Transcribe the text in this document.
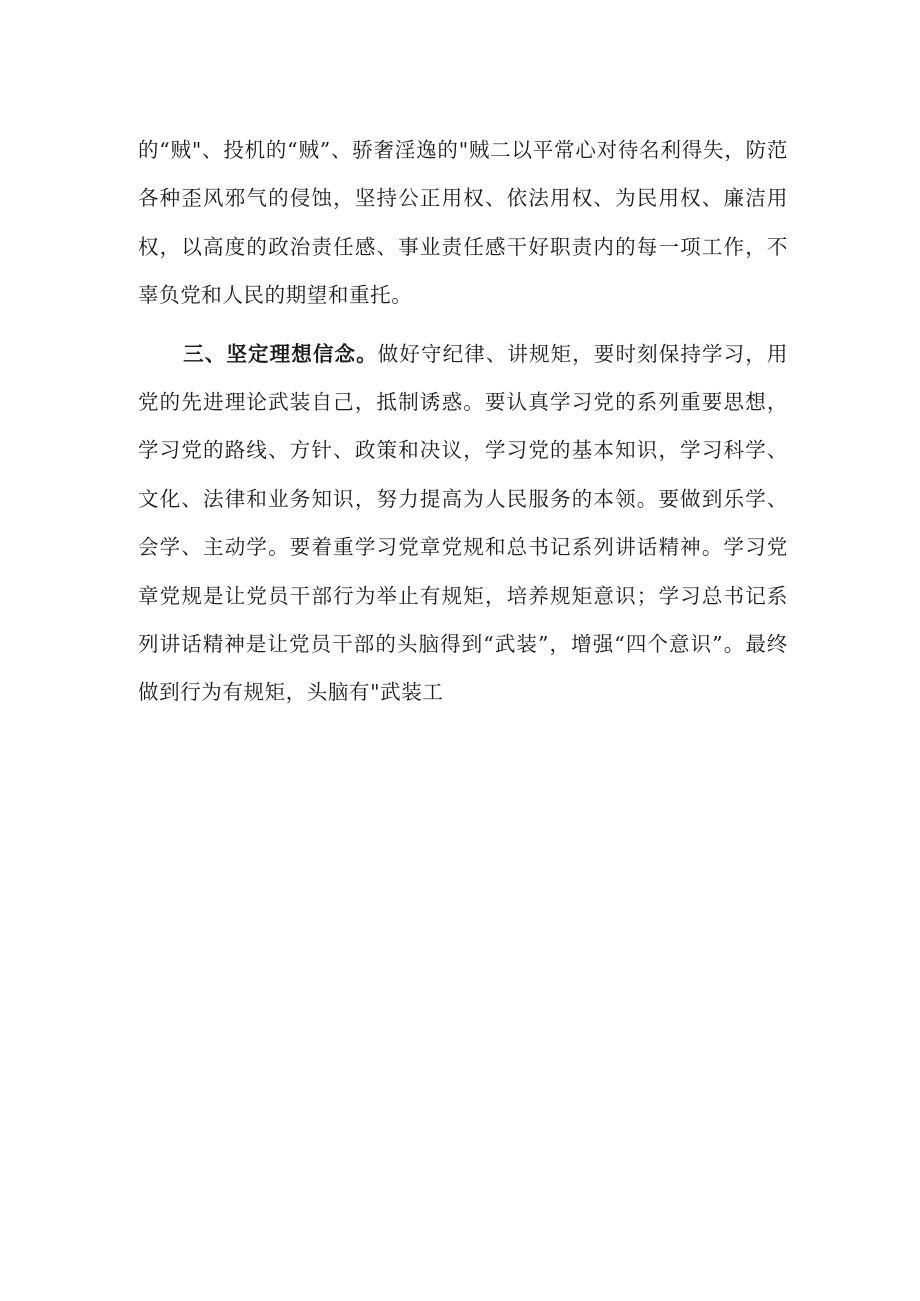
的“贼"、投机的“贼”、骄奢淫逸的"贼二以平常心对待名利得失，防范各种歪风邪气的侵蚀，坚持公正用权、依法用权、为民用权、廉洁用权，以高度的政治责任感、事业责任感干好职责内的每一项工作，不辜负党和人民的期望和重托。

三、坚定理想信念。做好守纪律、讲规矩，要时刻保持学习，用党的先进理论武装自己，抵制诱惑。要认真学习党的系列重要思想，学习党的路线、方针、政策和决议，学习党的基本知识，学习科学、文化、法律和业务知识，努力提高为人民服务的本领。要做到乐学、会学、主动学。要着重学习党章党规和总书记系列讲话精神。学习党章党规是让党员干部行为举止有规矩，培养规矩意识；学习总书记系列讲话精神是让党员干部的头脑得到“武装”，增强“四个意识”。最终做到行为有规矩，头脑有"武装工
